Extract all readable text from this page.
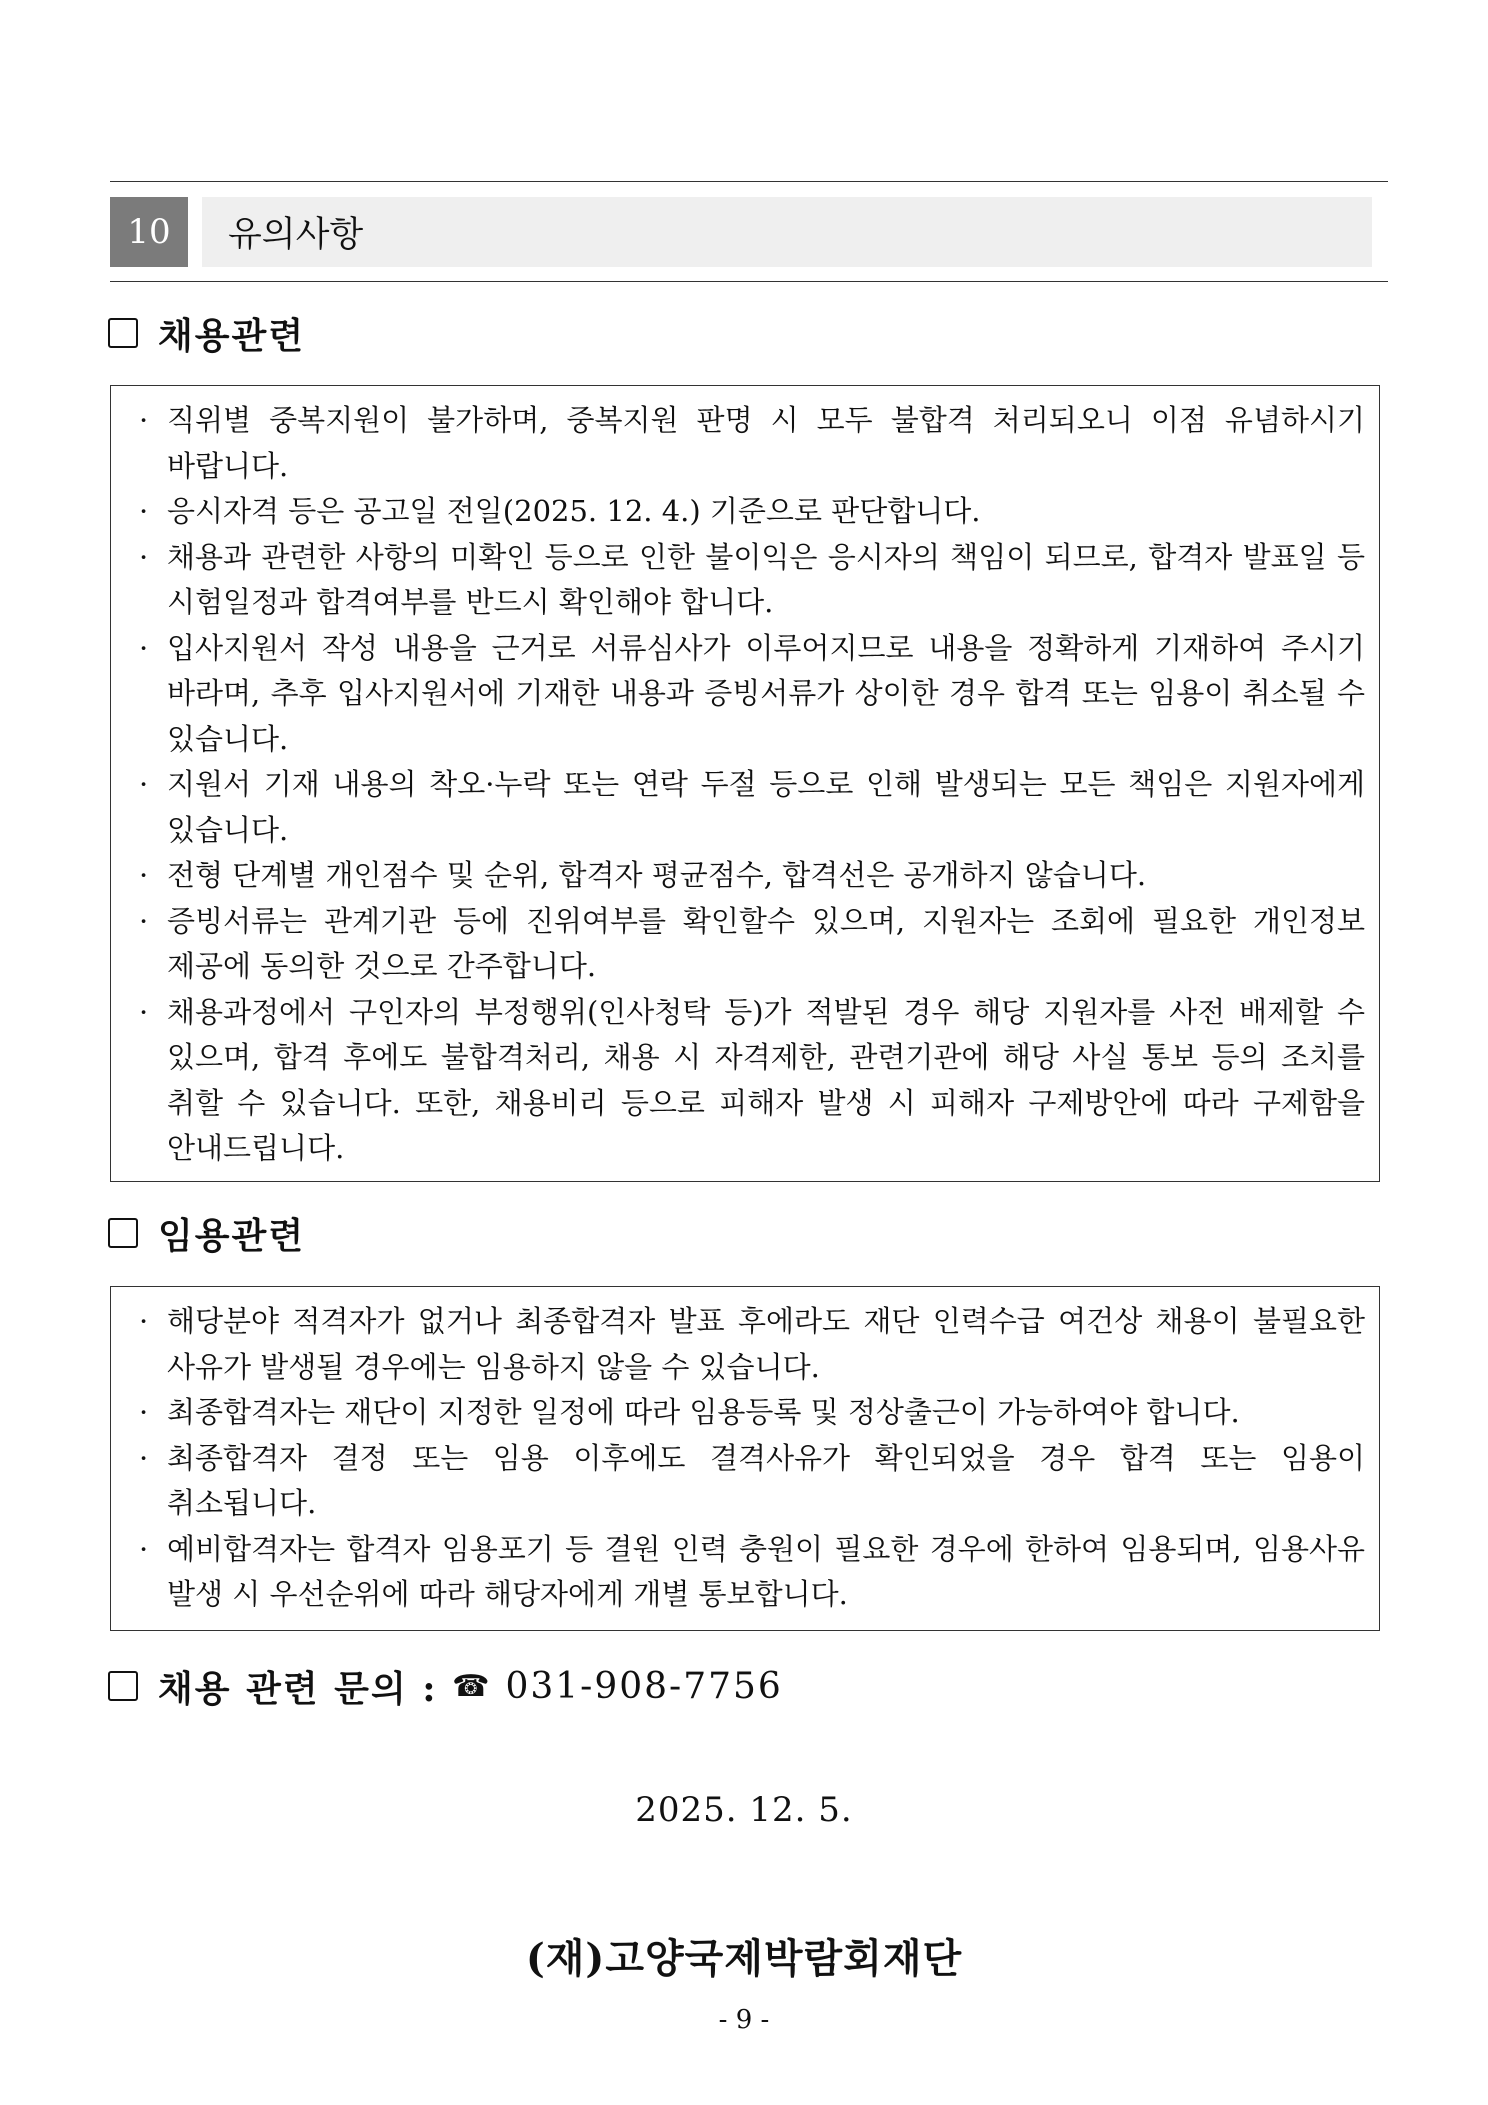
10	유의사항
채용관련
· 직위별 중복지원이 불가하며, 중복지원 판명 시 모두 불합격 처리되오니 이점 유념하시기 바랍니다.
· 응시자격 등은 공고일 전일(2025. 12. 4.) 기준으로 판단합니다.
· 채용과 관련한 사항의 미확인 등으로 인한 불이익은 응시자의 책임이 되므로, 합격자 발표일 등 시험일정과 합격여부를 반드시 확인해야 합니다.
· 입사지원서 작성 내용을 근거로 서류심사가 이루어지므로 내용을 정확하게 기재하여 주시기 바라며, 추후 입사지원서에 기재한 내용과 증빙서류가 상이한 경우 합격 또는 임용이 취소될 수 있습니다.
· 지원서 기재 내용의 착오·누락 또는 연락 두절 등으로 인해 발생되는 모든 책임은 지원자에게 있습니다.
· 전형 단계별 개인점수 및 순위, 합격자 평균점수, 합격선은 공개하지 않습니다.
· 증빙서류는 관계기관 등에 진위여부를 확인할수 있으며, 지원자는 조회에 필요한 개인정보 제공에 동의한 것으로 간주합니다.
· 채용과정에서 구인자의 부정행위(인사청탁 등)가 적발된 경우 해당 지원자를 사전 배제할 수 있으며, 합격 후에도 불합격처리, 채용 시 자격제한, 관련기관에 해당 사실 통보 등의 조치를 취할 수 있습니다. 또한, 채용비리 등으로 피해자 발생 시 피해자 구제방안에 따라 구제함을 안내드립니다.
임용관련
· 해당분야 적격자가 없거나 최종합격자 발표 후에라도 재단 인력수급 여건상 채용이 불필요한 사유가 발생될 경우에는 임용하지 않을 수 있습니다.
· 최종합격자는 재단이 지정한 일정에 따라 임용등록 및 정상출근이 가능하여야 합니다.
· 최종합격자 결정 또는 임용 이후에도 결격사유가 확인되었을 경우 합격 또는 임용이 취소됩니다.
· 예비합격자는 합격자 임용포기 등 결원 인력 충원이 필요한 경우에 한하여 임용되며, 임용사유 발생 시 우선순위에 따라 해당자에게 개별 통보합니다.
채용 관련 문의 :
☎ 031-908-7756
2025. 12. 5.
(재)고양국제박람회재단
- 9 -
